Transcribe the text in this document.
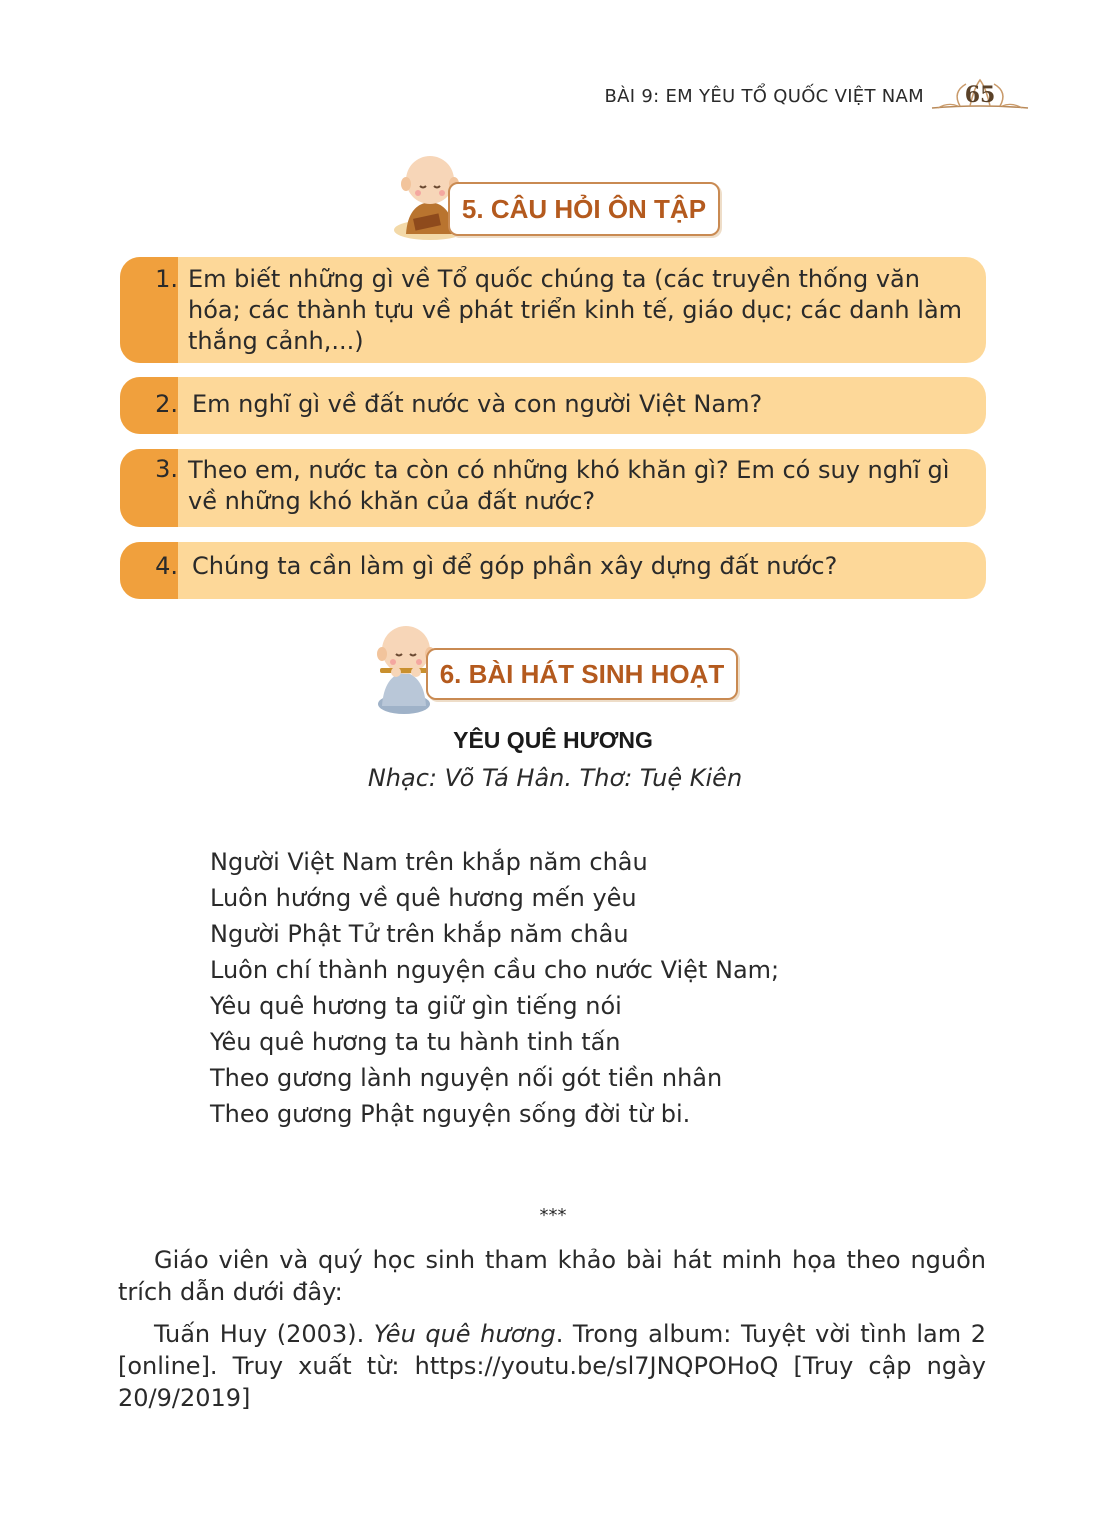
BÀI 9: EM YÊU TỔ QUỐC VIỆT NAM	65
5. CÂU HỎI ÔN TẬP
1. Em biết những gì về Tổ quốc chúng ta (các truyền thống văn hóa; các thành tựu về phát triển kinh tế, giáo dục; các danh làm thắng cảnh,...)
2. Em nghĩ gì về đất nước và con người Việt Nam?
3. Theo em, nước ta còn có những khó khăn gì? Em có suy nghĩ gì về những khó khăn của đất nước?
4. Chúng ta cần làm gì để góp phần xây dựng đất nước?
6. BÀI HÁT SINH HOẠT
YÊU QUÊ HƯƠNG
Nhạc: Võ Tá Hân. Thơ: Tuệ Kiên
Người Việt Nam trên khắp năm châu
Luôn hướng về quê hương mến yêu
Người Phật Tử trên khắp năm châu
Luôn chí thành nguyện cầu cho nước Việt Nam;
Yêu quê hương ta giữ gìn tiếng nói
Yêu quê hương ta tu hành tinh tấn
Theo gương lành nguyện nối gót tiền nhân
Theo gương Phật nguyện sống đời từ bi.
***
Giáo viên và quý học sinh tham khảo bài hát minh họa theo nguồn trích dẫn dưới đây:
Tuấn Huy (2003). Yêu quê hương. Trong album: Tuyệt vời tình lam 2 [online]. Truy xuất từ: https://youtu.be/sl7JNQPOHoQ [Truy cập ngày 20/9/2019]
